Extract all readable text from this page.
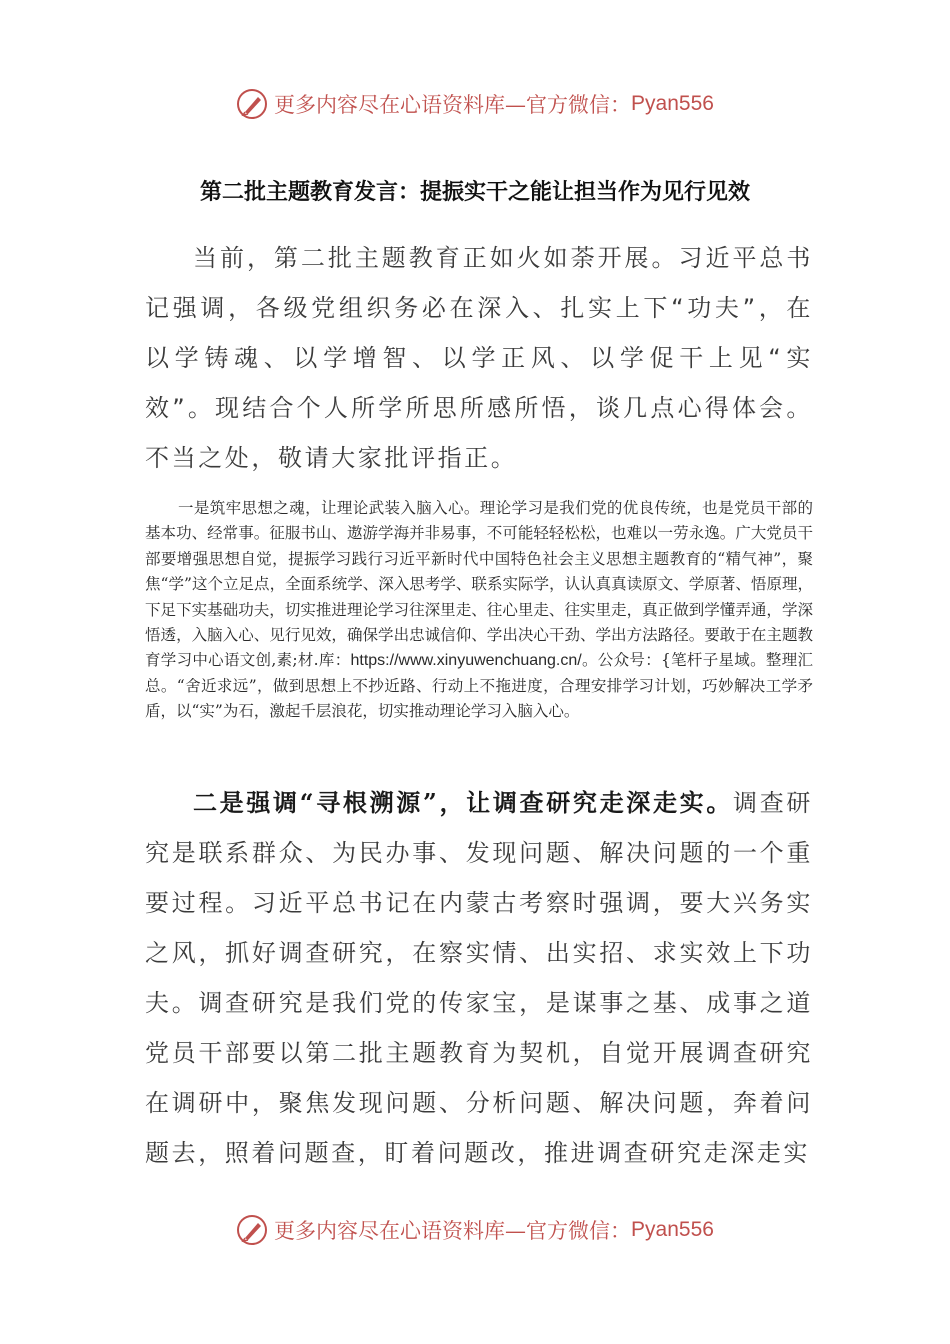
更多内容尽在心语资料库—官方微信： Pyan556
第二批主题教育发言：提振实干之能让担当作为见行见效

当前，第二批主题教育正如火如荼开展。习近平总书记强调，各级党组织务必在深入、扎实上下“功夫”，在以学铸魂、以学增智、以学正风、以学促干上见“实效”。现结合个人所学所思所感所悟，谈几点心得体会。不当之处，敬请大家批评指正。

一是筑牢思想之魂，让理论武装入脑入心。理论学习是我们党的优良传统，也是党员干部的基本功、经常事。征服书山、遨游学海并非易事，不可能轻轻松松，也难以一劳永逸。广大党员干部要增强思想自觉，提振学习践行习近平新时代中国特色社会主义思想主题教育的“精气神”，聚焦“学”这个立足点，全面系统学、深入思考学、联系实际学，认认真真读原文、学原著、悟原理，下足下实基础功夫，切实推进理论学习往深里走、往心里走、往实里走，真正做到学懂弄通，学深悟透，入脑入心、见行见效，确保学出忠诚信仰、学出决心干劲、学出方法路径。要敢于在主题教育学习中心语文创,素;材.库：https://www.xinyuwenchuang.cn/。公众号：{笔杆子星域。整理汇总。“舍近求远”，做到思想上不抄近路、行动上不拖进度，合理安排学习计划，巧妙解决工学矛盾，以“实”为石，激起千层浪花，切实推动理论学习入脑入心。

二是强调“寻根溯源”，让调查研究走深走实。调查研究是联系群众、为民办事、发现问题、解决问题的一个重要过程。习近平总书记在内蒙古考察时强调，要大兴务实之风，抓好调查研究，在察实情、出实招、求实效上下功夫。调查研究是我们党的传家宝，是谋事之基、成事之道党员干部要以第二批主题教育为契机，自觉开展调查研究在调研中，聚焦发现问题、分析问题、解决问题，奔着问题去，照着问题查，盯着问题改，推进调查研究走深走实

更多内容尽在心语资料库—官方微信： Pyan556
